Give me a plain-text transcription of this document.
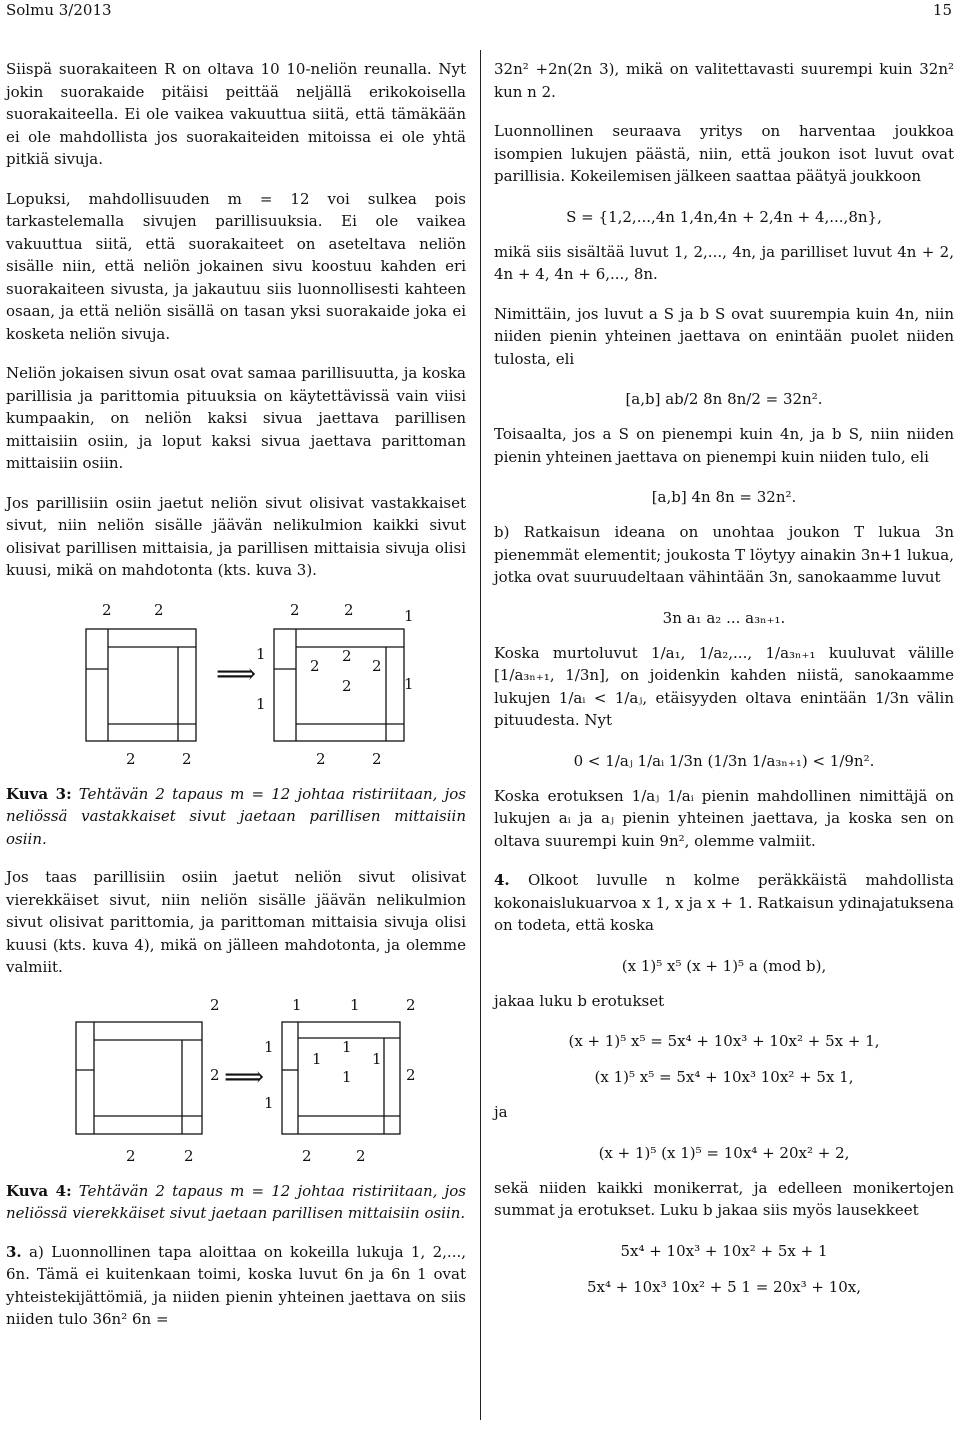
Solmu 3/2013	15

Siispä suorakaiteen R on oltava 10 10-neliön reunalla. Nyt jokin suorakaide pitäisi peittää neljällä erikokoisella suorakaiteella. Ei ole vaikea vakuuttua siitä, että tämäkään ei ole mahdollista jos suorakaiteiden mitoissa ei ole yhtä pitkiä sivuja.

Lopuksi, mahdollisuuden m = 12 voi sulkea pois tarkastelemalla sivujen parillisuuksia. Ei ole vaikea vakuuttua siitä, että suorakaiteet on aseteltava neliön sisälle niin, että neliön jokainen sivu koostuu kahden eri suorakaiteen sivusta, ja jakautuu siis luonnollisesti kahteen osaan, ja että neliön sisällä on tasan yksi suorakaide joka ei kosketa neliön sivuja.

Neliön jokaisen sivun osat ovat samaa parillisuutta, ja koska parillisia ja parittomia pituuksia on käytettävissä vain viisi kumpaakin, on neliön kaksi sivua jaettava parillisen mittaisiin osiin, ja loput kaksi sivua jaettava parittoman mittaisiin osiin.

Jos parillisiin osiin jaetut neliön sivut olisivat vastakkaiset sivut, niin neliön sisälle jäävän nelikulmion kaikki sivut olisivat parillisen mittaisia, ja parillisen mittaisia sivuja olisi kuusi, mikä on mahdotonta (kts. kuva 3).

2	2
2	2
⟹
2	2
1
1
2
2
2
2
1
1
2	2

Kuva 3: Tehtävän 2 tapaus m = 12 johtaa ristiriitaan, jos neliössä vastakkaiset sivut jaetaan parillisen mittaisiin osiin.

Jos taas parillisiin osiin jaetut neliön sivut olisivat vierekkäiset sivut, niin neliön sisälle jäävän nelikulmion sivut olisivat parittomia, ja parittoman mittaisia sivuja olisi kuusi (kts. kuva 4), mikä on jälleen mahdotonta, ja olemme valmiit.

2
2
2	2
⟹
1	1	2
1
1
1
1
1	2
1
2	2

Kuva 4: Tehtävän 2 tapaus m = 12 johtaa ristiriitaan, jos neliössä vierekkäiset sivut jaetaan parillisen mittaisiin osiin.

3. a) Luonnollinen tapa aloittaa on kokeilla lukuja 1, 2,..., 6n. Tämä ei kuitenkaan toimi, koska luvut 6n ja 6n 1 ovat yhteistekijättömiä, ja niiden pienin yhteinen jaettava on siis niiden tulo 36n² 6n =

32n² +2n(2n 3), mikä on valitettavasti suurempi kuin 32n² kun n 2.

Luonnollinen seuraava yritys on harventaa joukkoa isompien lukujen päästä, niin, että joukon isot luvut ovat parillisia. Kokeilemisen jälkeen saattaa päätyä joukkoon

S = {1,2,...,4n 1,4n,4n + 2,4n + 4,...,8n},

mikä siis sisältää luvut 1, 2,..., 4n, ja parilliset luvut 4n + 2, 4n + 4, 4n + 6,..., 8n.

Nimittäin, jos luvut a S ja b S ovat suurempia kuin 4n, niin niiden pienin yhteinen jaettava on enintään puolet niiden tulosta, eli

[a,b] ab/2 8n 8n/2 = 32n².

Toisaalta, jos a S on pienempi kuin 4n, ja b S, niin niiden pienin yhteinen jaettava on pienempi kuin niiden tulo, eli

[a,b] 4n 8n = 32n².

b) Ratkaisun ideana on unohtaa joukon T lukua 3n pienemmät elementit; joukosta T löytyy ainakin 3n+1 lukua, jotka ovat suuruudeltaan vähintään 3n, sanokaamme luvut

3n a₁ a₂ ... a₃ₙ₊₁.

Koska murtoluvut 1/a₁, 1/a₂,..., 1/a₃ₙ₊₁ kuuluvat välille [1/a₃ₙ₊₁, 1/3n], on joidenkin kahden niistä, sanokaamme lukujen 1/aᵢ < 1/aⱼ, etäisyyden oltava enintään 1/3n välin pituudesta. Nyt

0 < 1/aⱼ 1/aᵢ 1/3n (1/3n 1/a₃ₙ₊₁) < 1/9n².

Koska erotuksen 1/aⱼ 1/aᵢ pienin mahdollinen nimittäjä on lukujen aᵢ ja aⱼ pienin yhteinen jaettava, ja koska sen on oltava suurempi kuin 9n², olemme valmiit.

4. Olkoot luvulle n kolme peräkkäistä mahdollista kokonaislukuarvoa x 1, x ja x + 1. Ratkaisun ydinajatuksena on todeta, että koska

(x 1)⁵ x⁵ (x + 1)⁵ a (mod b),

jakaa luku b erotukset

(x + 1)⁵ x⁵ = 5x⁴ + 10x³ + 10x² + 5x + 1,
(x 1)⁵ x⁵ = 5x⁴ + 10x³ 10x² + 5x 1,

ja

(x + 1)⁵ (x 1)⁵ = 10x⁴ + 20x² + 2,

sekä niiden kaikki monikerrat, ja edelleen monikertojen summat ja erotukset. Luku b jakaa siis myös lausekkeet

5x⁴ + 10x³ + 10x² + 5x + 1
5x⁴ + 10x³ 10x² + 5 1 = 20x³ + 10x,
